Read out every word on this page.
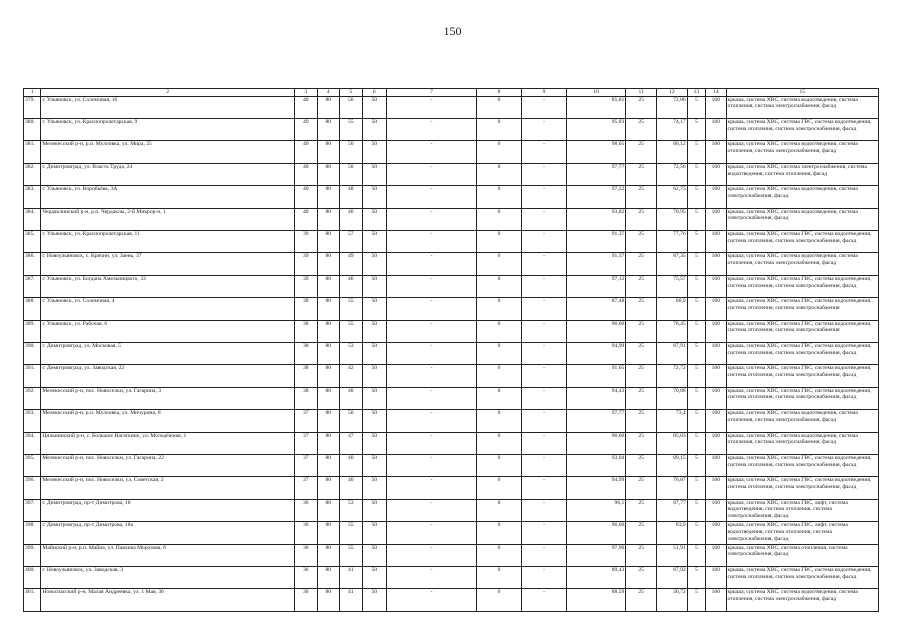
150
1	2	3	4	5	6	7	8	9	10	11	12	13	14	15
379.	г. Ульяновск, ул. Соломчная, 16	40	80	56	50	-	0	-	85,81	25	72,86	5	160	крыша, система ХВС, система водоотведения, система отопления, система электроснабжения, фасад
380.	г. Ульяновск, ул. Краснопролетарская, 9	40	80	55	50	-	0	-	95,83	25	74,17	5	160	крыша, система ХВС, система ГВС, система водоотведения, система отопления, система электроснабжения, фасад
381.	Мелекесский р-н, р.п. Мулловка, ул. Мира, 25	40	80	50	50	-	0	-	98,05	25	86,12	5	160	крыша, система ХВС, система водоотведения, система отопления, система электроснабжения, фасад
382.	г. Димитровград, ул. Власть Труда, 24	40	80	50	50	-	0	-	97,77	25	72,56	5	160	крыша, система ХВС, система электроснабжения, система водоотведения, система отопления, фасад
383.	г. Ульяновск, ул. Воробьёва, 3А	40	80	48	50	-	0	-	97,22	25	62,75	5	160	крыша, система ХВС, система водоотведения, система электроснабжения, фасад
384.	Чердаклинский р-н, р.п. Чердаклы, 2-й Микрор-н, 1	40	80	40	50	-	0	-	93,82	25	70,95	5	160	крыша, система ХВС, система водоотведения, система электроснабжения, фасад
385.	г. Ульяновск, ул. Краснопролетарская, 11	39	80	57	50	-	0	-	91,37	25	77,76	5	160	крыша, система ХВС, система ГВС, система водоотведения, система отопления, система электроснабжения, фасад
386.	г. Новоульяновск, с. Крячин, ул. Заень, 37	39	80	49	50	-	0	-	91,37	25	87,35	5	160	крыша, система ХВС, система водоотведения, система отопления, система электроснабжения, фасад
387.	г. Ульяновск, ул. Богдана Хмельницкого, 33	39	80	46	50	-	0	-	97,12	25	75,57	5	160	крыша, система ХВС, система ГВС, система водоотведения, система отопления, система электроснабжения, фасад
388.	г. Ульяновск, ул. Соломчная, 4	38	80	55	50	-	0	-	87,48	25	88,9	5	160	крыша, система ХВС, система ГВС, система водоотведения, система отопления, система электроснабжения
389.	г. Ульяновск, ул. Рабочая, 6	38	80	55	50	-	0	-	96,66	25	78,45	5	160	крыша, система ХВС, система ГВС, система водоотведения, система отопления, система электроснабжения
390.	г. Димитровград, ул. Московая, 5	38	80	53	50	-	0	-	94,99	25	87,91	5	160	крыша, система ХВС, система ГВС, система водоотведения, система отопления, система электроснабжения, фасад
391.	г. Димитровград, ул. Заводская, 22	38	80	42	50	-	0	-	91,65	25	72,72	5	160	крыша, система ХВС, система ГВС, система водоотведения, система отопления, система электроснабжения, фасад
392.	Мелекесский р-н, пос. Новоселки, ул. Гагарина, 3	38	80	40	50	-	0	-	94,43	25	70,88	5	160	крыша, система ХВС, система ГВС, система водоотведения, система отопления, система электроснабжения, фасад
393.	Мелекесский р-н, р.п. Мулловка, ул. Мичурина, 8	37	80	50	50	-	0	-	97,77	25	73,4	5	160	крыша, система ХВС, система водоотведения, система отопления, система электроснабжения, фасад
394.	Цильнинский р-н, с. Большое Нагаткино, ул. Молодёжная, 1	37	80	47	50	-	0	-	96,66	25	85,83	5	160	крыша, система ХВС, система водоотведения, система отопления, система электроснабжения, фасад
395.	Мелекесский р-н, пос. Новоселки, ул. Гагарина, 22	37	80	40	50	-	0	-	93,04	25	89,15	5	160	крыша, система ХВС, система ГВС, система водоотведения, система отопления, система электроснабжения, фасад
396.	Мелекесский р-н, пос. Новоселки, ул. Советская, 2	37	80	40	50	-	0	-	94,99	25	76,87	5	160	крыша, система ХВС, система ГВС, система водоотведения, система отопления, система электроснабжения, фасад
397.	г. Димитровград, пр-т Димитрова, 18	36	80	53	50	-	0	-	96,1	25	87,77	5	160	крыша, система ХВС, система ГВС, лифт, система водоотведения, система отопления, система электроснабжения, фасад
398.	г. Димитровград, пр-т Димитрова, 18а	36	80	55	50	-	0	-	96,66	25	83,9	5	160	крыша, система ХВС, система ГВС, лифт, система водоотведения, система отопления, система электроснабжения, фасад
399.	Майнский р-н, р.п. Майна, ул. Павлика Морозова, 6	36	80	55	50	-	0	-	97,96	25	51,91	5	160	крыша, система ХВС, система отопления, система электроснабжения, фасад
400.	г. Новоульяновск, ул. Заводская, 3	36	80	41	50	-	0	-	89,43	25	87,92	5	160	крыша, система ХВС, система ГВС, система водоотведения, система отопления, система электроснабжения, фасад
401.	Новоспасский р-н, Малая Андреевка, ул. 1 Мая, 36	36	80	41	50	-	0	-	88,59	25	30,72	5	160	крыша, система ХВС, система водоотведения, система отопления, система электроснабжения, фасад
